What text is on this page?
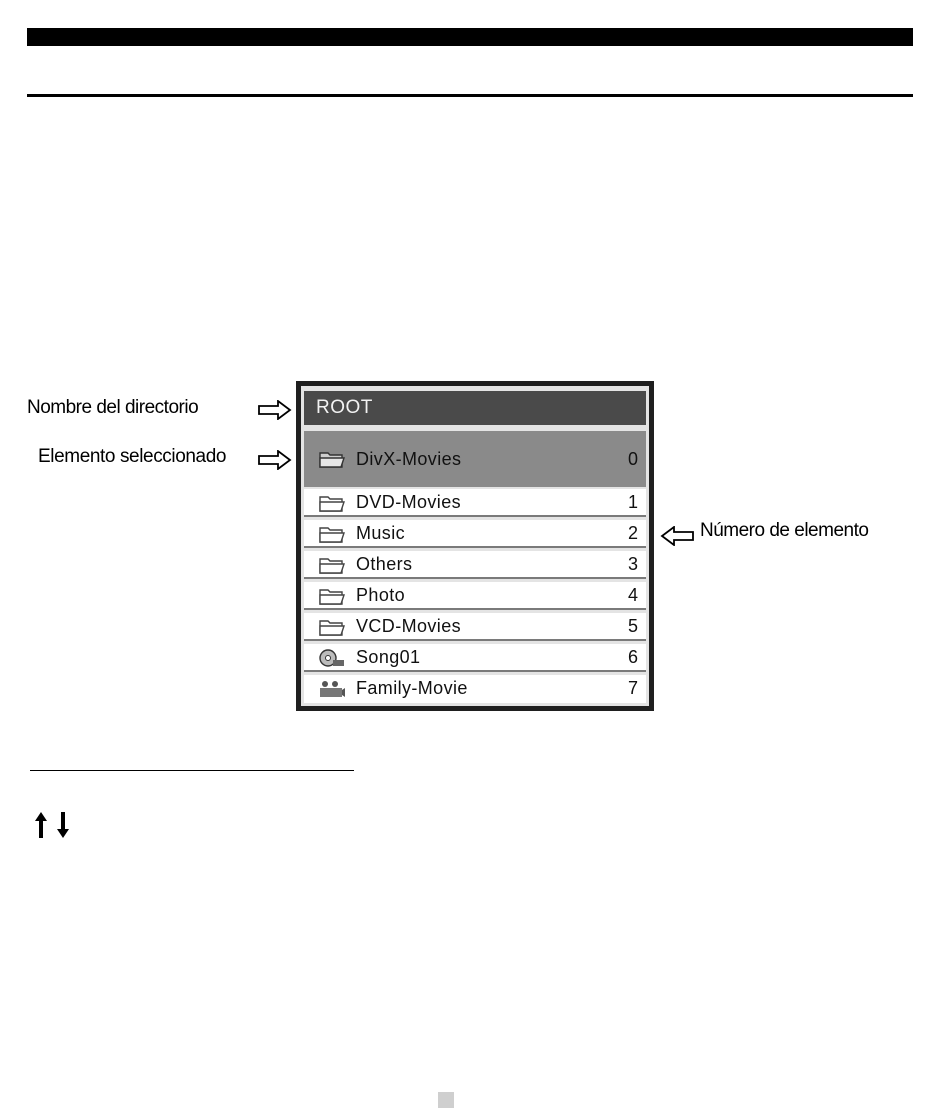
Nombre del directorio
Elemento seleccionado
Número de elemento
ROOT
DivX-Movies	0
DVD-Movies	1
Music	2
Others	3
Photo	4
VCD-Movies	5
Song01	6
Family-Movie	7
